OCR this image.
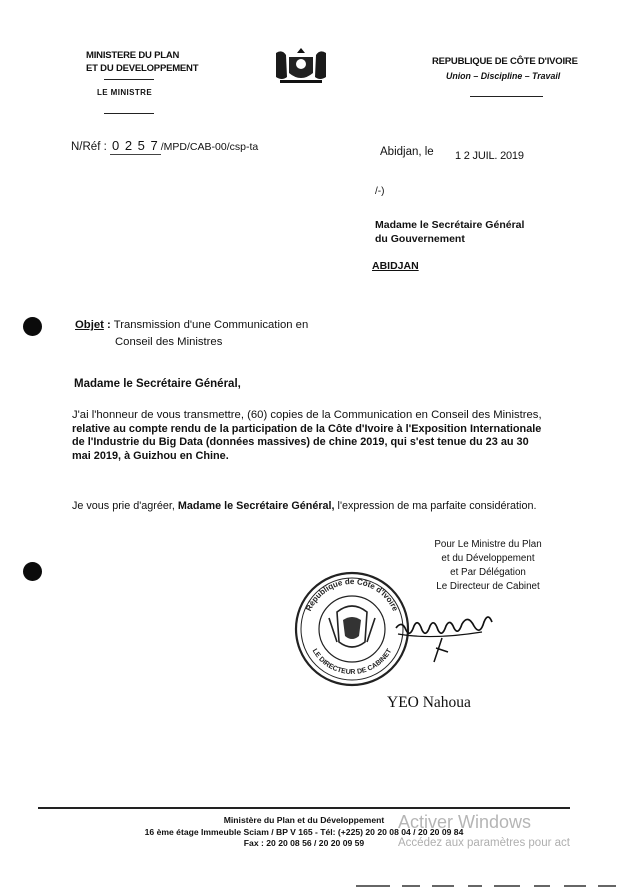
MINISTERE DU PLAN
ET DU DEVELOPPEMENT
LE MINISTRE
REPUBLIQUE DE CÔTE D'IVOIRE
Union – Discipline – Travail
N/Réf : 0 2 5 7 /MPD/CAB-00/csp-ta	Abidjan, le 1 2 JUIL. 2019
/-)
Madame le Secrétaire Général
du Gouvernement
ABIDJAN
Objet : Transmission d'une Communication en
Conseil des Ministres
Madame le Secrétaire Général,
J'ai l'honneur de vous transmettre, (60) copies de la Communication en Conseil des Ministres,
relative au compte rendu de la participation de la Côte d'Ivoire à l'Exposition Internationale
de l'Industrie du Big Data (données massives) de chine 2019, qui s'est tenue du 23 au 30
mai 2019, à Guizhou en Chine.
Je vous prie d'agréer, Madame le Secrétaire Général, l'expression de ma parfaite considération.
Pour Le Ministre du Plan
et du Développement
et Par Délégation
Le Directeur de Cabinet
République de Côte d'Ivoire
LE DIRECTEUR DE CABINET
YEO Nahoua
Ministère du Plan et du Développement
16 ème étage Immeuble Sciam / BP V 165 - Tél: (+225) 20 20 08 04 / 20 20 09 84
Fax : 20 20 08 56 / 20 20 09 59
Activer Windows
Accédez aux paramètres pour act
